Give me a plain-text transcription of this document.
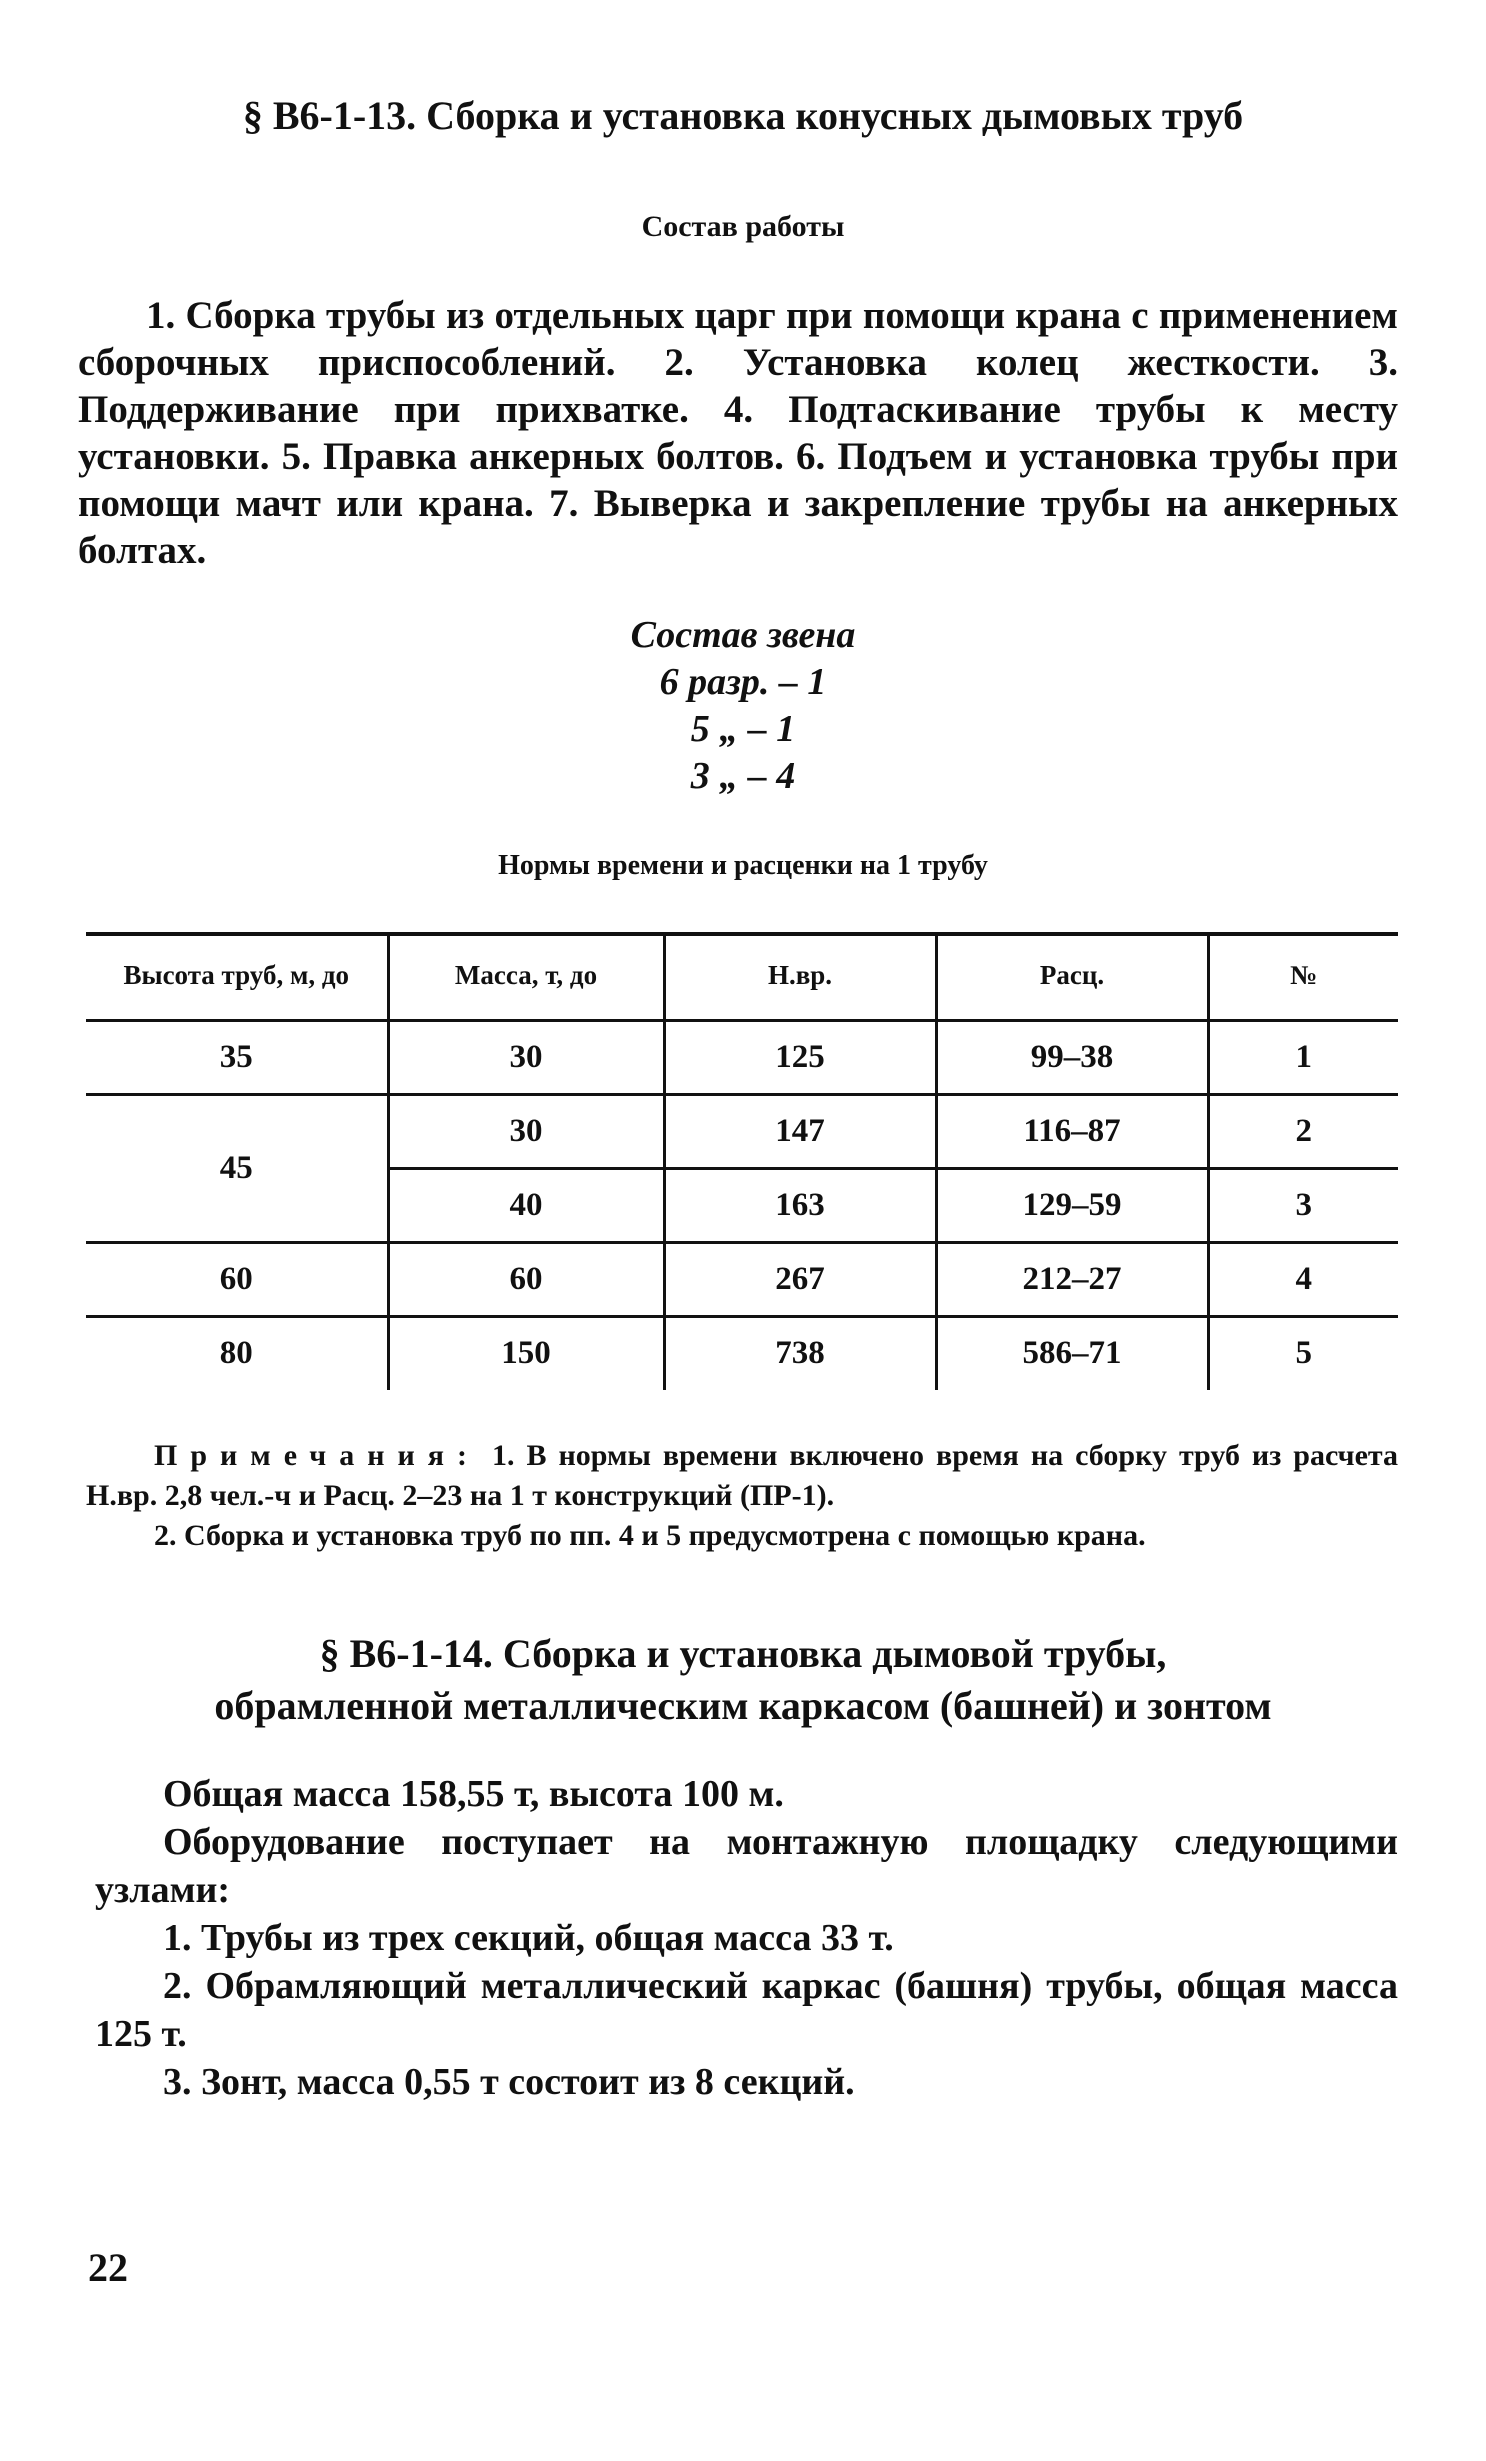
§ В6-1-13. Сборка и установка конусных дымовых труб
Состав работы
1. Сборка трубы из отдельных царг при помощи крана с применением сборочных приспособлений. 2. Установка колец жесткости. 3. Поддерживание при прихватке. 4. Подтаскивание трубы к месту установки. 5. Правка анкерных болтов. 6. Подъем и установка трубы при помощи мачт или крана. 7. Выверка и закрепление трубы на анкерных болтах.
Состав звена
6 разр. – 1
5 „ – 1
3 „ – 4
Нормы времени и расценки на 1 трубу
Высота труб, м, до	Масса, т, до	Н.вр.	Расц.	№
35	30	125	99–38	1
45	30	147	116–87	2
	40	163	129–59	3
60	60	267	212–27	4
80	150	738	586–71	5
Примечания: 1. В нормы времени включено время на сборку труб из расчета Н.вр. 2,8 чел.-ч и Расц. 2–23 на 1 т конструкций (ПР-1).
2. Сборка и установка труб по пп. 4 и 5 предусмотрена с помощью крана.
§ В6-1-14. Сборка и установка дымовой трубы,
обрамленной металлическим каркасом (башней) и зонтом
Общая масса 158,55 т, высота 100 м.
Оборудование поступает на монтажную площадку следующими узлами:
1. Трубы из трех секций, общая масса 33 т.
2. Обрамляющий металлический каркас (башня) трубы, общая масса 125 т.
3. Зонт, масса 0,55 т состоит из 8 секций.
22
